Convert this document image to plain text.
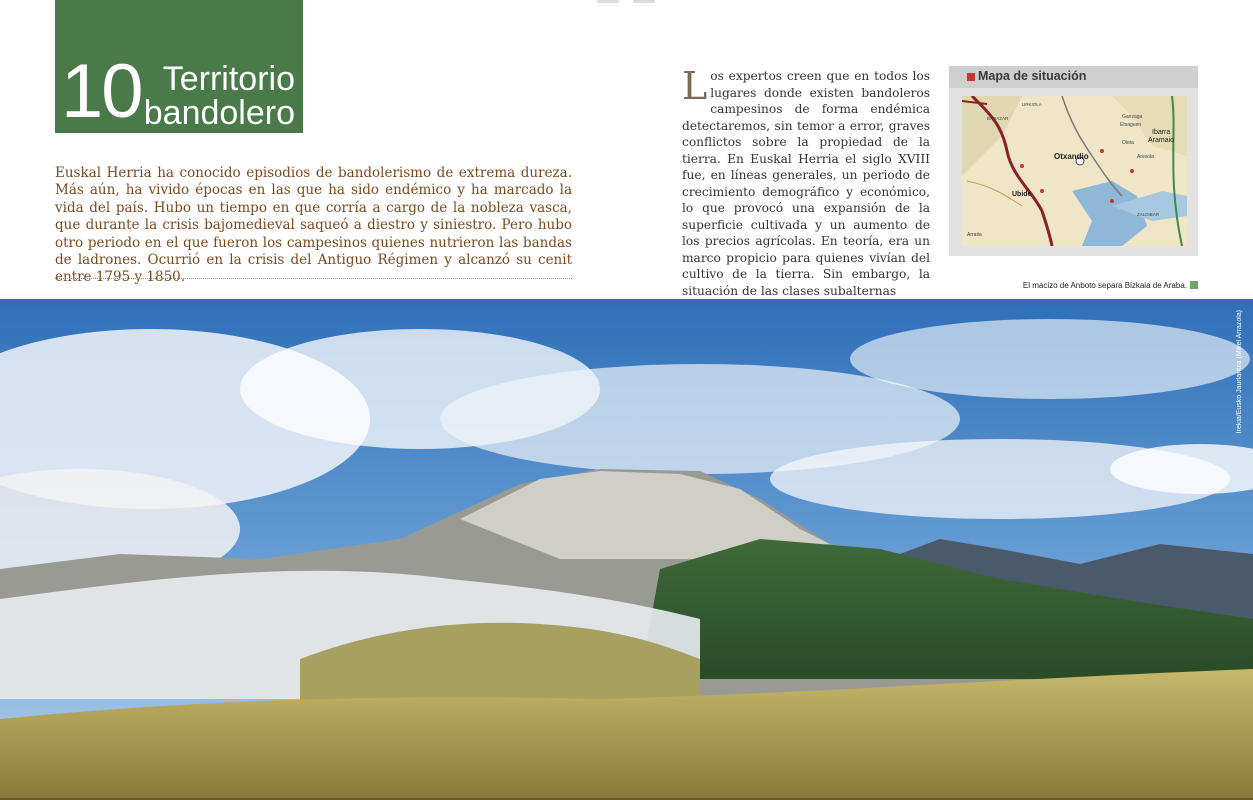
10 Territorio
bandolero

Euskal Herria ha conocido episodios de bandolerismo de extrema dureza. Más aún, ha vivido épocas en las que ha sido endémico y ha marcado la vida del país. Hubo un tiempo en que corría a cargo de la nobleza vasca, que durante la crisis bajomedieval saqueó a diestro y siniestro. Pero hubo otro periodo en el que fueron los campesinos quienes nutrieron las bandas de ladrones. Ocurrió en la crisis del Antiguo Régimen y alcanzó su cenit entre 1795 y 1850.

Los expertos creen que en todos los lugares donde existen bandoleros campesinos de forma endémica detectaremos, sin temor a error, graves conflictos sobre la propiedad de la tierra. En Euskal Herria el siglo XVIII fue, en líneas generales, un periodo de crecimiento demográfico y económico, lo que provocó una expansión de la superficie cultivada y un aumento de los precios agrícolas. En teoría, era un marco propicio para quienes vivían del cultivo de la tierra. Sin embargo, la situación de las clases subalternas
Mapa de situación
Otxandio
Ubide
Ibarra
Aramaio
Arratia
Ganzaga
Etxaguen
Oleta
Arexola
BARAZAR
URKIOLA
ZALDIBAR
El macizo de Anboto separa Bizkaia de Araba.
Irekia/Eusko Jaurlaritza (Mikel Arrazola)
